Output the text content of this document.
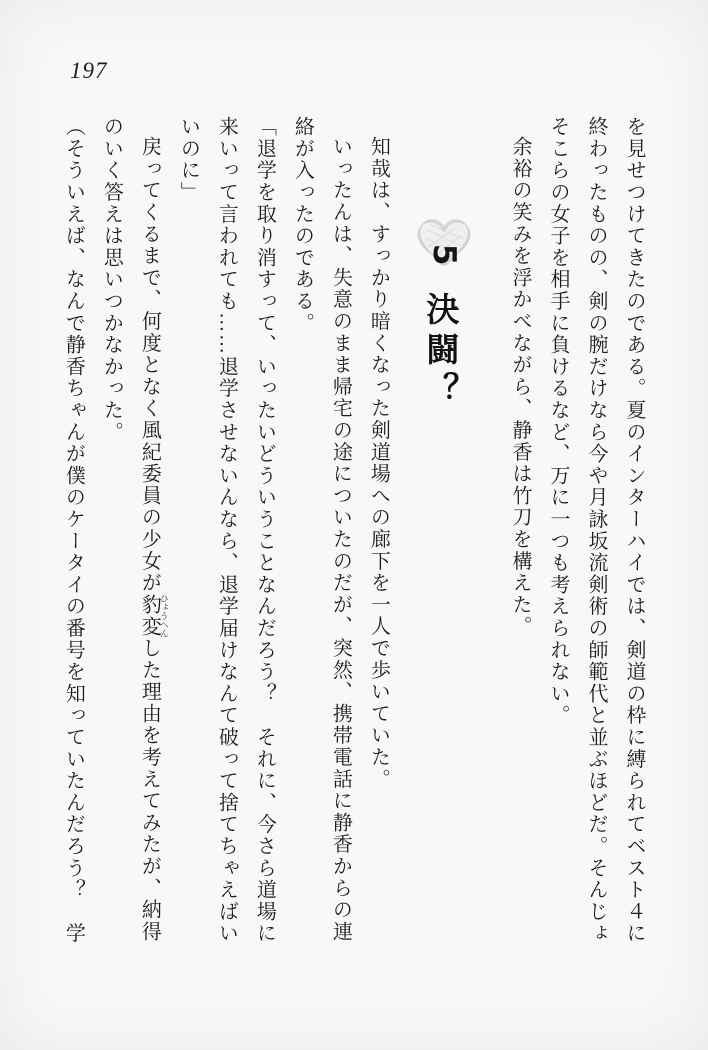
197

を見せつけてきたのである。夏のインターハイでは、剣道の枠に縛られてベスト４に終わったものの、剣の腕だけなら今や月詠坂流剣術の師範代と並ぶほどだ。そんじょそこらの女子を相手に負けるなど、万に一つも考えられない。

余裕の笑みを浮かべながら、静香は竹刀を構えた。

5
決闘？

知哉は、すっかり暗くなった剣道場への廊下を一人で歩いていた。

いったんは、失意のまま帰宅の途についたのだが、突然、携帯電話に静香からの連絡が入ったのである。

「退学を取り消すって、いったいどういうことなんだろう？　それに、今さら道場に来いって言われても……退学させないんなら、退学届けなんて破って捨てちゃえばいいのに」

戻ってくるまで、何度となく風紀委員の少女が豹変 ひょうへんした理由を考えてみたが、納得のいく答えは思いつかなかった。

（そういえば、なんで静香ちゃんが僕のケータイの番号を知っていたんだろう？　学
